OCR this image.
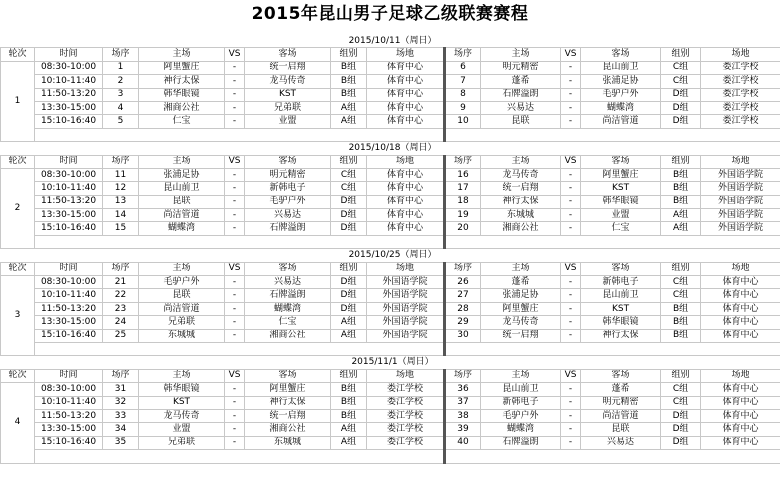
2015年昆山男子足球乙级联赛赛程
				2015/10/11（周日）									
轮次	时间	场序	主场	VS	客场	组别	场地	场序	主场	VS	客场	组别	场地
1	08:30-10:00	1	阿里蟹庄	-	统一启翔	B组	体育中心	6	明元精密	-	昆山前卫	C组	娄江学校
	10:10-11:40	2	神行太保	-	龙马传奇	B组	体育中心	7	蓬希	-	张浦足协	C组	娄江学校
	11:50-13:20	3	韩华眼镜	-	KST	B组	体育中心	8	石牌溢朗	-	毛驴户外	D组	娄江学校
	13:30-15:00	4	湘商公社	-	兄弟联	A组	体育中心	9	兴易达	-	蝴蝶湾	D组	娄江学校
	15:10-16:40	5	仁宝	-	业盟	A组	体育中心	10	昆联	-	尚洁管道	D组	娄江学校

				2015/10/18（周日）									
轮次	时间	场序	主场	VS	客场	组别	场地	场序	主场	VS	客场	组别	场地
2	08:30-10:00	11	张浦足协	-	明元精密	C组	体育中心	16	龙马传奇	-	阿里蟹庄	B组	外国语学院
	10:10-11:40	12	昆山前卫	-	新韩电子	C组	体育中心	17	统一启翔	-	KST	B组	外国语学院
	11:50-13:20	13	昆联	-	毛驴户外	D组	体育中心	18	神行太保	-	韩华眼镜	B组	外国语学院
	13:30-15:00	14	尚洁管道	-	兴易达	D组	体育中心	19	东城城	-	业盟	A组	外国语学院
	15:10-16:40	15	蝴蝶湾	-	石牌溢朗	D组	体育中心	20	湘商公社	-	仁宝	A组	外国语学院

				2015/10/25（周日）									
轮次	时间	场序	主场	VS	客场	组别	场地	场序	主场	VS	客场	组别	场地
3	08:30-10:00	21	毛驴户外	-	兴易达	D组	外国语学院	26	蓬希	-	新韩电子	C组	体育中心
	10:10-11:40	22	昆联	-	石牌溢朗	D组	外国语学院	27	张浦足协	-	昆山前卫	C组	体育中心
	11:50-13:20	23	尚洁管道	-	蝴蝶湾	D组	外国语学院	28	阿里蟹庄	-	KST	B组	体育中心
	13:30-15:00	24	兄弟联	-	仁宝	A组	外国语学院	29	龙马传奇	-	韩华眼镜	B组	体育中心
	15:10-16:40	25	东城城	-	湘商公社	A组	外国语学院	30	统一启翔	-	神行太保	B组	体育中心

				2015/11/1（周日）									
轮次	时间	场序	主场	VS	客场	组别	场地	场序	主场	VS	客场	组别	场地
4	08:30-10:00	31	韩华眼镜	-	阿里蟹庄	B组	娄江学校	36	昆山前卫	-	蓬希	C组	体育中心
	10:10-11:40	32	KST	-	神行太保	B组	娄江学校	37	新韩电子	-	明元精密	C组	体育中心
	11:50-13:20	33	龙马传奇	-	统一启翔	B组	娄江学校	38	毛驴户外	-	尚洁管道	D组	体育中心
	13:30-15:00	34	业盟	-	湘商公社	A组	娄江学校	39	蝴蝶湾	-	昆联	D组	体育中心
	15:10-16:40	35	兄弟联	-	东城城	A组	娄江学校	40	石牌溢朗	-	兴易达	D组	体育中心
